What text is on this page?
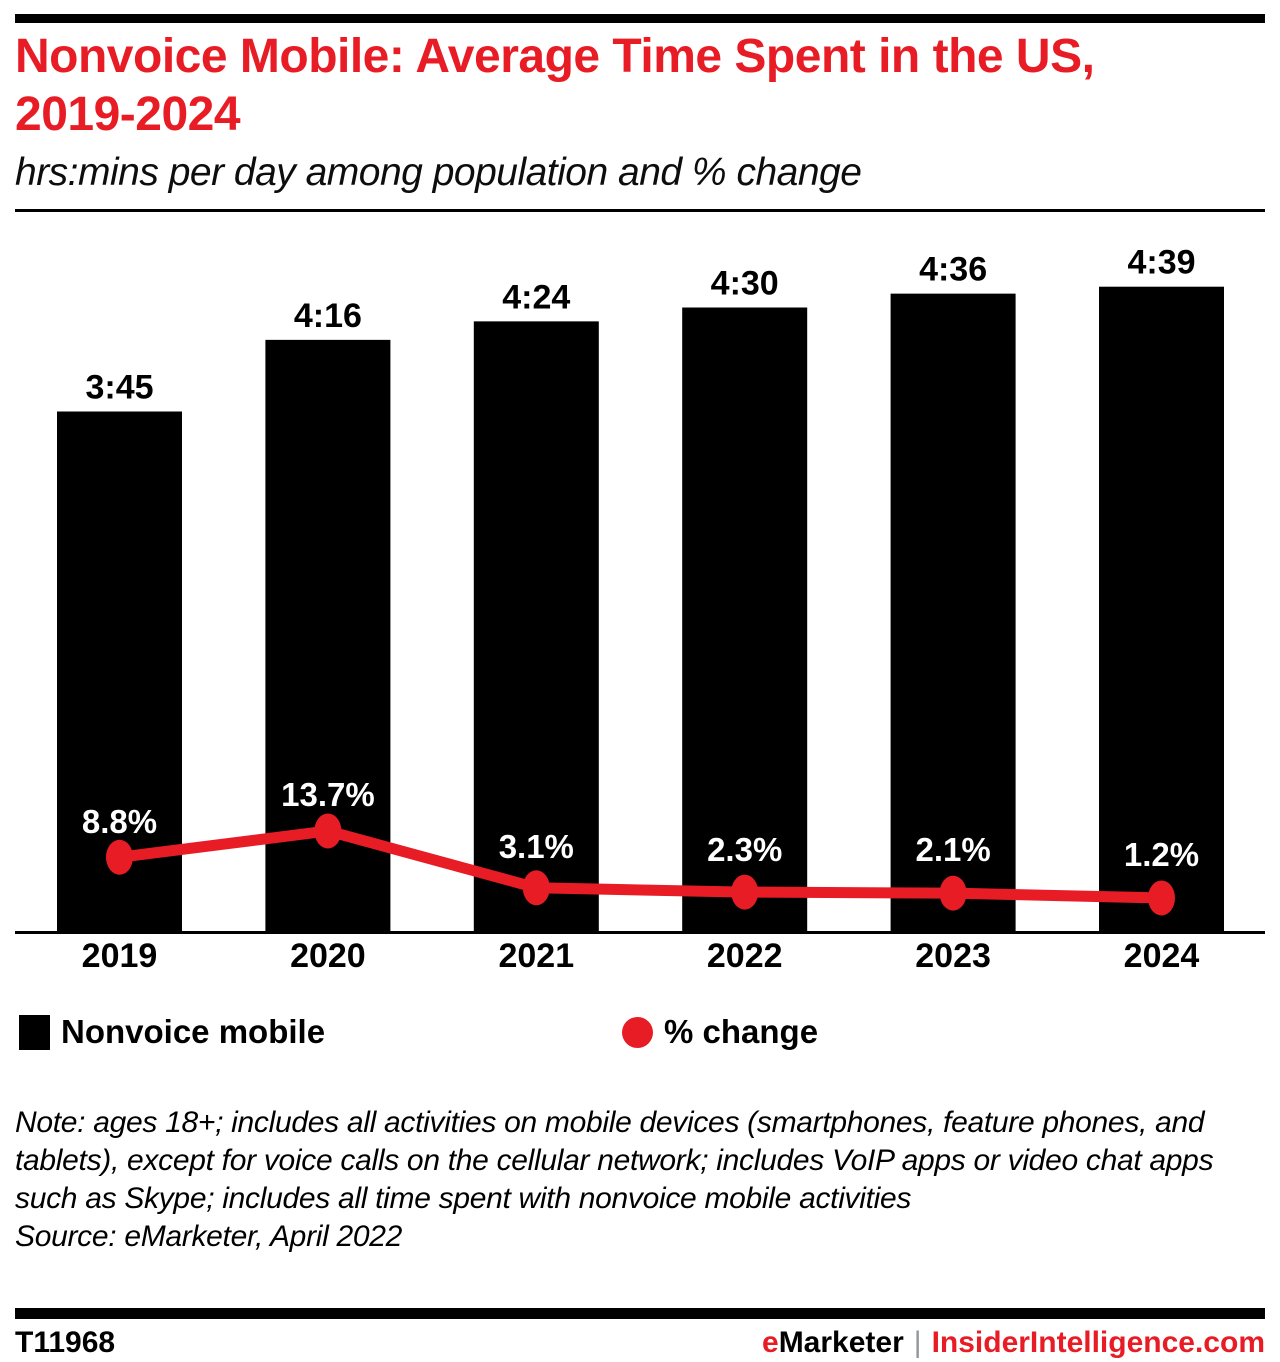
Nonvoice Mobile: Average Time Spent in the US,
2019-2024
hrs:mins per day among population and % change
3:45
2019
4:16
2020
4:24
2021
4:30
2022
4:36
2023
4:39
2024
8.8%
13.7%
3.1%	2.3%	2.1%	1.2%
Nonvoice mobile	% change

Note: ages 18+; includes all activities on mobile devices (smartphones, feature phones, and tablets), except for voice calls on the cellular network; includes VoIP apps or video chat apps such as Skype; includes all time spent with nonvoice mobile activities

Source: eMarketer, April 2022

T11968	eMarketer | InsiderIntelligence.com
